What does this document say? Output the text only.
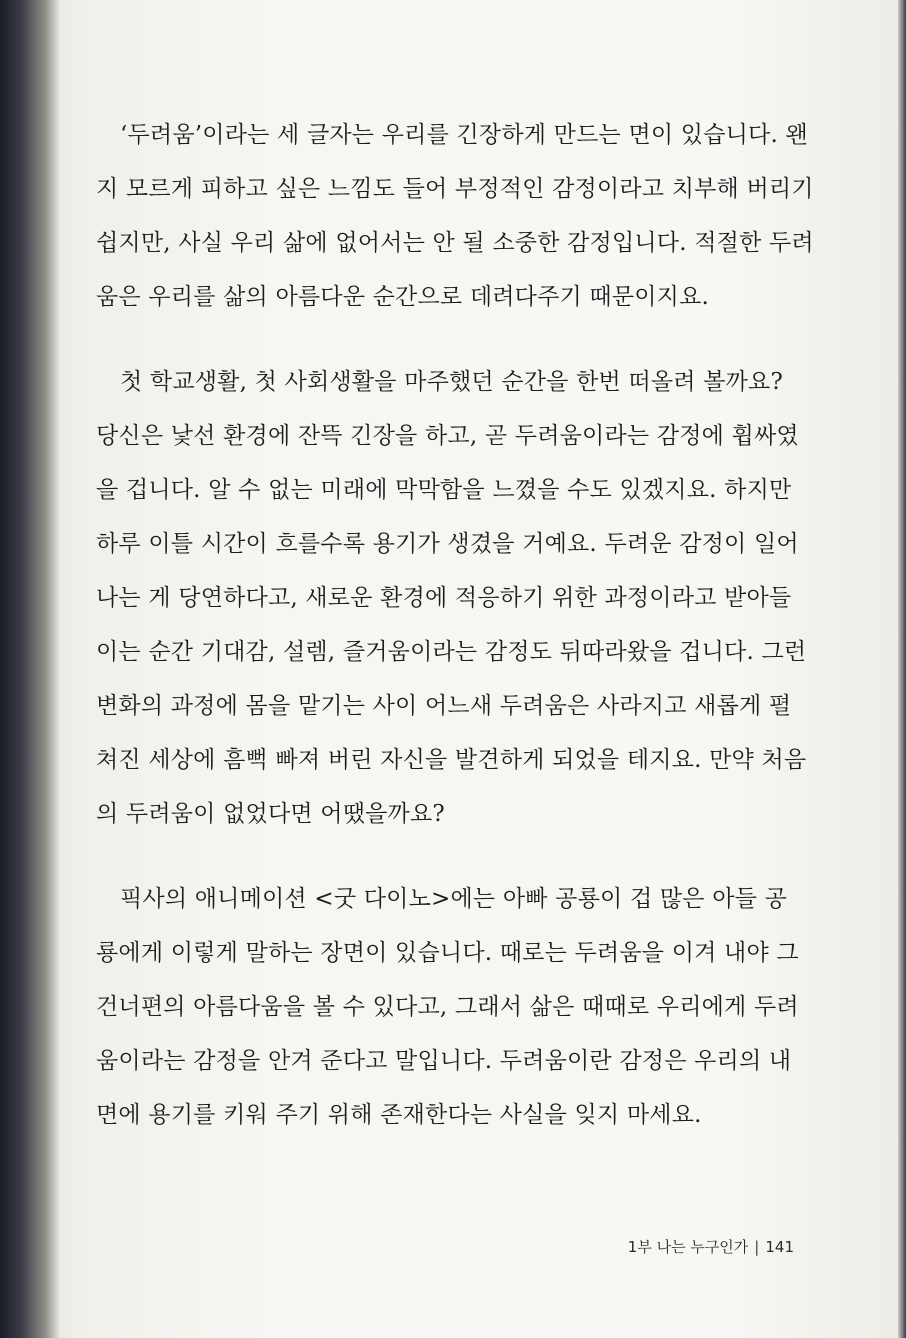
‘두려움’이라는 세 글자는 우리를 긴장하게 만드는 면이 있습니다. 왠
지 모르게 피하고 싶은 느낌도 들어 부정적인 감정이라고 치부해 버리기
쉽지만, 사실 우리 삶에 없어서는 안 될 소중한 감정입니다. 적절한 두려
움은 우리를 삶의 아름다운 순간으로 데려다주기 때문이지요.
첫 학교생활, 첫 사회생활을 마주했던 순간을 한번 떠올려 볼까요?
당신은 낯선 환경에 잔뜩 긴장을 하고, 곧 두려움이라는 감정에 휩싸였
을 겁니다. 알 수 없는 미래에 막막함을 느꼈을 수도 있겠지요. 하지만
하루 이틀 시간이 흐를수록 용기가 생겼을 거예요. 두려운 감정이 일어
나는 게 당연하다고, 새로운 환경에 적응하기 위한 과정이라고 받아들
이는 순간 기대감, 설렘, 즐거움이라는 감정도 뒤따라왔을 겁니다. 그런
변화의 과정에 몸을 맡기는 사이 어느새 두려움은 사라지고 새롭게 펼
쳐진 세상에 흠뻑 빠져 버린 자신을 발견하게 되었을 테지요. 만약 처음
의 두려움이 없었다면 어땠을까요?
픽사의 애니메이션 <굿 다이노>에는 아빠 공룡이 겁 많은 아들 공
룡에게 이렇게 말하는 장면이 있습니다. 때로는 두려움을 이겨 내야 그
건너편의 아름다움을 볼 수 있다고, 그래서 삶은 때때로 우리에게 두려
움이라는 감정을 안겨 준다고 말입니다. 두려움이란 감정은 우리의 내
면에 용기를 키워 주기 위해 존재한다는 사실을 잊지 마세요.
1부 나는 누구인가 | 141
